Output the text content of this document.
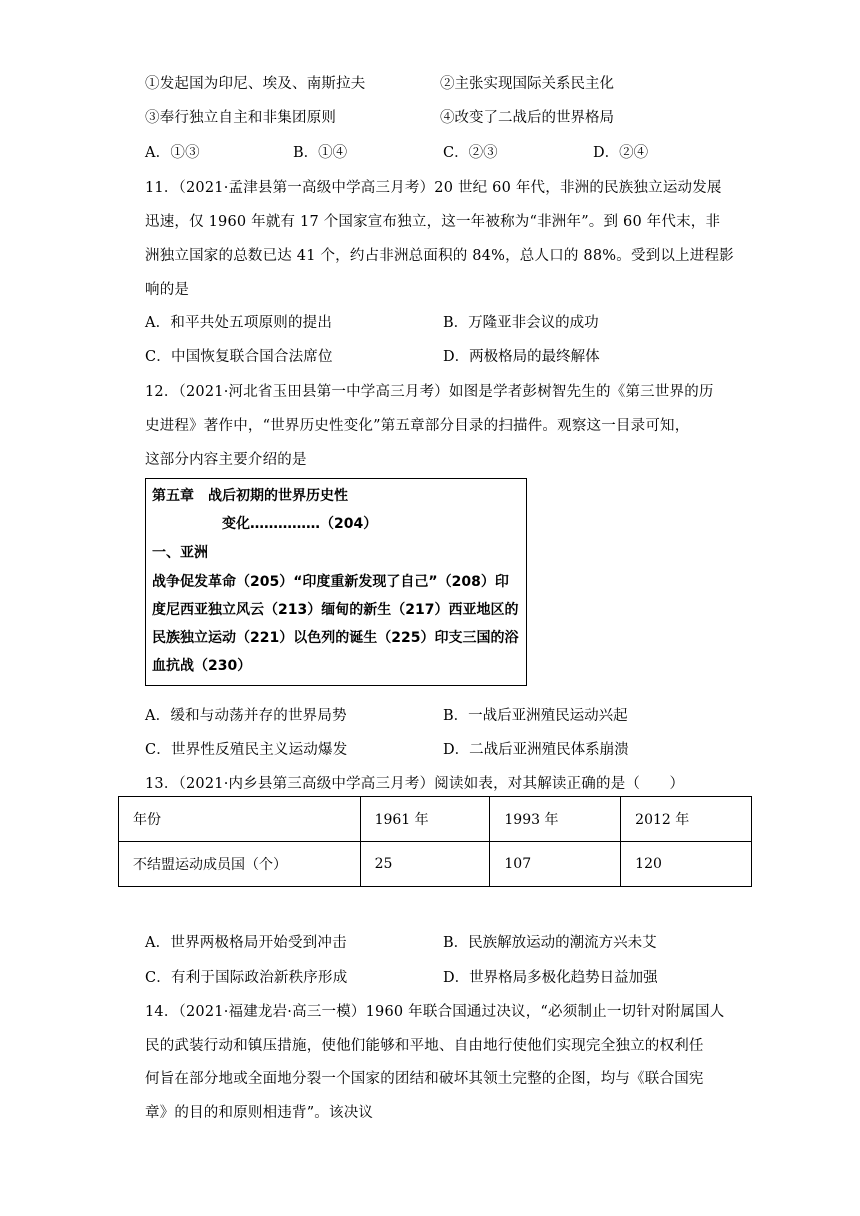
①发起国为印尼、埃及、南斯拉夫	②主张实现国际关系民主化
③奉行独立自主和非集团原则	④改变了二战后的世界格局
A．①③	B．①④	C．②③	D．②④
11．（2021·孟津县第一高级中学高三月考）20 世纪 60 年代，非洲的民族独立运动发展
迅速，仅 1960 年就有 17 个国家宣布独立，这一年被称为“非洲年”。到 60 年代末，非
洲独立国家的总数已达 41 个，约占非洲总面积的 84%，总人口的 88%。受到以上进程影
响的是
A．和平共处五项原则的提出	B．万隆亚非会议的成功
C．中国恢复联合国合法席位	D．两极格局的最终解体
12．（2021·河北省玉田县第一中学高三月考）如图是学者彭树智先生的《第三世界的历
史进程》著作中，“世界历史性变化”第五章部分目录的扫描件。观察这一目录可知，
这部分内容主要介绍的是
第五章　战后初期的世界历史性
变化……………（204）
一、亚洲
战争促发革命（205）“印度重新发现了自己”（208）印
度尼西亚独立风云（213）缅甸的新生（217）西亚地区的
民族独立运动（221）以色列的诞生（225）印支三国的浴
血抗战（230）
A．缓和与动荡并存的世界局势	B．一战后亚洲殖民运动兴起
C．世界性反殖民主义运动爆发	D．二战后亚洲殖民体系崩溃
13．（2021·内乡县第三高级中学高三月考）阅读如表，对其解读正确的是（　　）
年份	1961 年	1993 年	2012 年
不结盟运动成员国（个）	25	107	120
A．世界两极格局开始受到冲击	B．民族解放运动的潮流方兴未艾
C．有利于国际政治新秩序形成	D．世界格局多极化趋势日益加强
14．（2021·福建龙岩·高三一模）1960 年联合国通过决议，“必须制止一切针对附属国人
民的武装行动和镇压措施，使他们能够和平地、自由地行使他们实现完全独立的权利任
何旨在部分地或全面地分裂一个国家的团结和破坏其领土完整的企图，均与《联合国宪
章》的目的和原则相违背”。该决议
